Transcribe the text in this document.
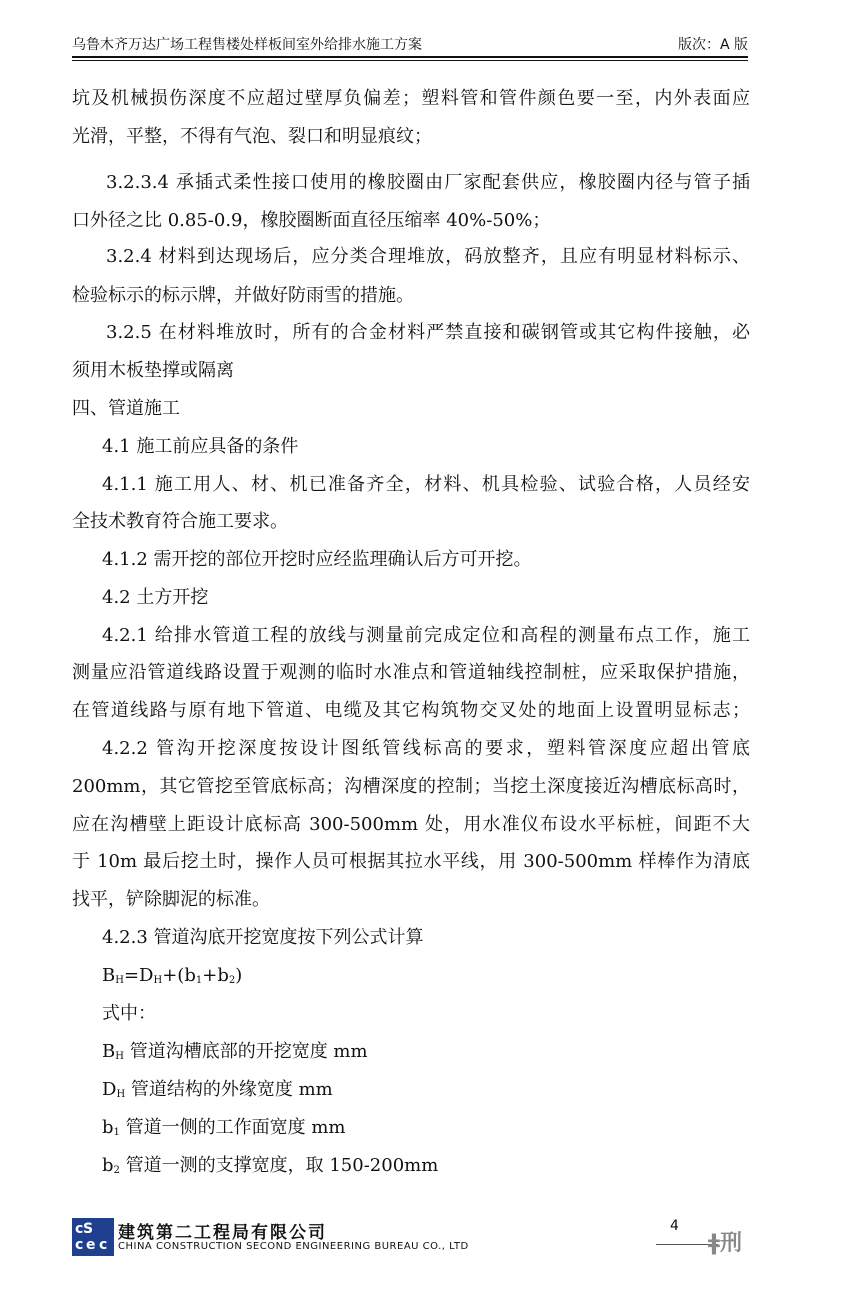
乌鲁木齐万达广场工程售楼处样板间室外给排水施工方案	版次：A 版
坑及机械损伤深度不应超过壁厚负偏差；塑料管和管件颜色要一至，内外表面应
光滑，平整，不得有气泡、裂口和明显痕纹；
3.2.3.4 承插式柔性接口使用的橡胶圈由厂家配套供应，橡胶圈内径与管子插
口外径之比 0.85-0.9，橡胶圈断面直径压缩率 40%-50%；
3.2.4 材料到达现场后，应分类合理堆放，码放整齐，且应有明显材料标示、
检验标示的标示牌，并做好防雨雪的措施。
3.2.5 在材料堆放时，所有的合金材料严禁直接和碳钢管或其它构件接触，必
须用木板垫撑或隔离
四、管道施工
4.1 施工前应具备的条件
4.1.1 施工用人、材、机已准备齐全，材料、机具检验、试验合格，人员经安
全技术教育符合施工要求。
4.1.2 需开挖的部位开挖时应经监理确认后方可开挖。
4.2 土方开挖
4.2.1 给排水管道工程的放线与测量前完成定位和高程的测量布点工作，施工
测量应沿管道线路设置于观测的临时水准点和管道轴线控制桩，应采取保护措施，
在管道线路与原有地下管道、电缆及其它构筑物交叉处的地面上设置明显标志；
4.2.2 管沟开挖深度按设计图纸管线标高的要求，塑料管深度应超出管底
200mm，其它管挖至管底标高；沟槽深度的控制；当挖土深度接近沟槽底标高时，
应在沟槽壁上距设计底标高 300-500mm 处，用水准仪布设水平标桩，间距不大
于 10m 最后挖土时，操作人员可根据其拉水平线，用 300-500mm 样棒作为清底
找平，铲除脚泥的标准。
4.2.3 管道沟底开挖宽度按下列公式计算
$B_H=D_H+(b_1+b_2)$
式中：
$B_H$ 管道沟槽底部的开挖宽度 mm
$D_H$ 管道结构的外缘宽度 mm
$b_1$ 管道一侧的工作面宽度 mm
$b_2$ 管道一测的支撑宽度，取 150-200mm
c S
c e c
建筑第二工程局有限公司
CHINA CONSTRUCTION SECOND ENGINEERING BUREAU CO., LTD
4
ǂ刑
